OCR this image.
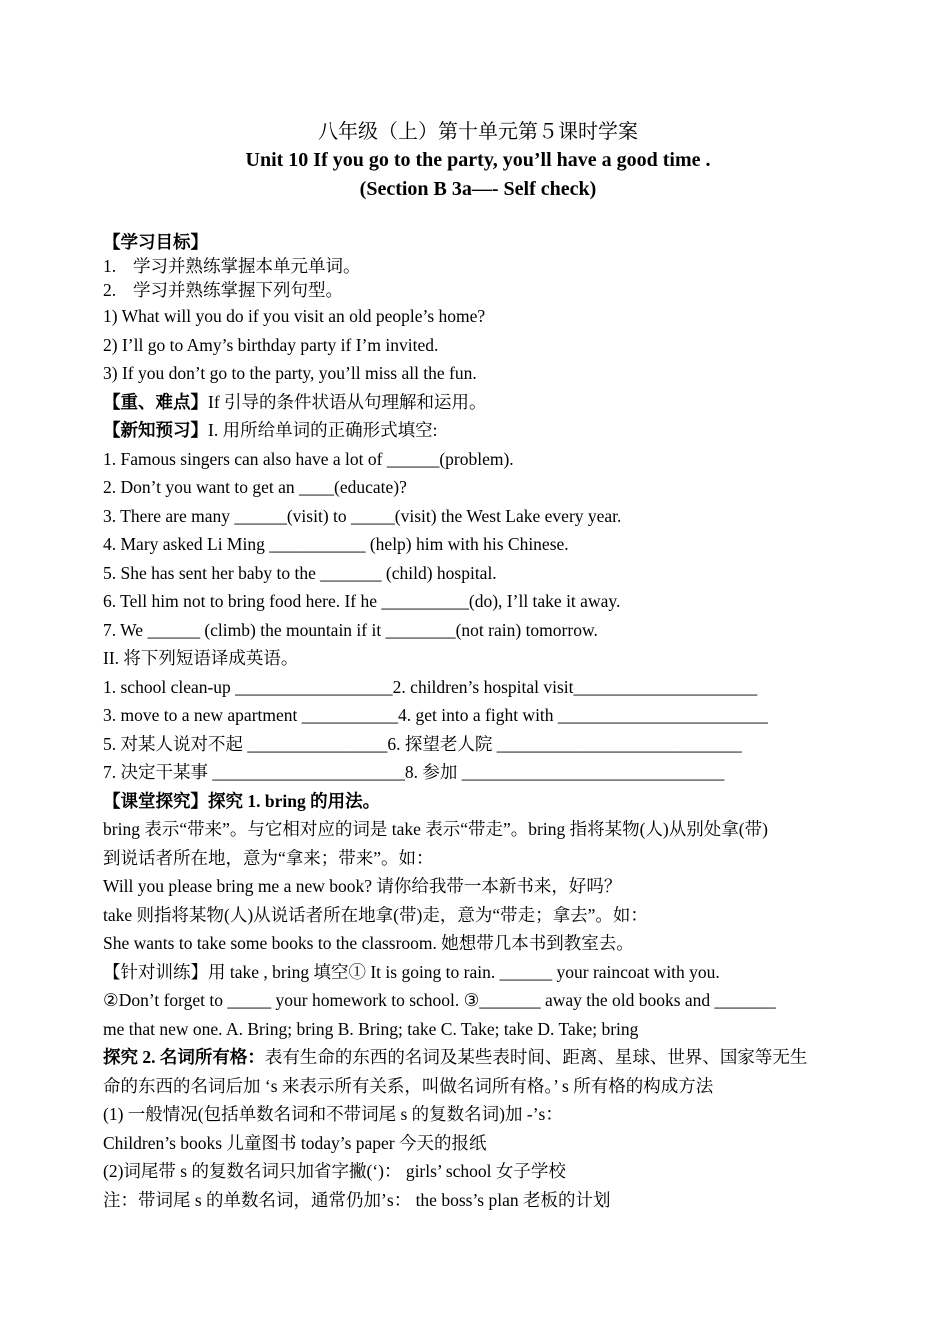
八年级（上）第十单元第５课时学案
Unit 10 If you go to the party, you’ll have a good time .
(Section B 3a—- Self check)
【学习目标】
1. 学习并熟练掌握本单元单词。
2. 学习并熟练掌握下列句型。
1) What will you do if you visit an old people’s home?
2) I’ll go to Amy’s birthday party if I’m invited.
3) If you don’t go to the party, you’ll miss all the fun.
【重、难点】If 引导的条件状语从句理解和运用。
【新知预习】I. 用所给单词的正确形式填空:
1. Famous singers can also have a lot of ______(problem).
2. Don’t you want to get an ____(educate)?
3. There are many ______(visit) to _____(visit) the West Lake every year.
4. Mary asked Li Ming ___________ (help) him with his Chinese.
5. She has sent her baby to the _______ (child) hospital.
6. Tell him not to bring food here. If he __________(do), I’ll take it away.
7. We ______ (climb) the mountain if it ________(not rain) tomorrow.
II. 将下列短语译成英语。
1. school clean-up __________________2. children’s hospital visit_____________________
3. move to a new apartment ___________4. get into a fight with ________________________
5. 对某人说对不起 ________________6. 探望老人院 ____________________________
7. 决定干某事 ______________________8. 参加 ______________________________
【课堂探究】探究 1. bring 的用法。
bring 表示“带来”。与它相对应的词是 take 表示“带走”。bring 指将某物(人)从别处拿(带)
到说话者所在地，意为“拿来；带来”。如：
Will you please bring me a new book? 请你给我带一本新书来，好吗？
take 则指将某物(人)从说话者所在地拿(带)走，意为“带走；拿去”。如：
She wants to take some books to the classroom. 她想带几本书到教室去。
【针对训练】用 take , bring 填空① It is going to rain. ______ your raincoat with you.
②Don’t forget to _____ your homework to school. ③_______ away the old books and _______
me that new one. A. Bring; bring B. Bring; take C. Take; take D. Take; bring
探究 2. 名词所有格：表有生命的东西的名词及某些表时间、距离、星球、世界、国家等无生
命的东西的名词后加 ‘s 来表示所有关系，叫做名词所有格。’ s 所有格的构成方法
(1) 一般情况(包括单数名词和不带词尾 s 的复数名词)加 -’s：
Children’s books 儿童图书 today’s paper 今天的报纸
(2)词尾带 s 的复数名词只加省字撇(‘)： girls’ school 女子学校
注：带词尾 s 的单数名词，通常仍加’s： the boss’s plan 老板的计划
